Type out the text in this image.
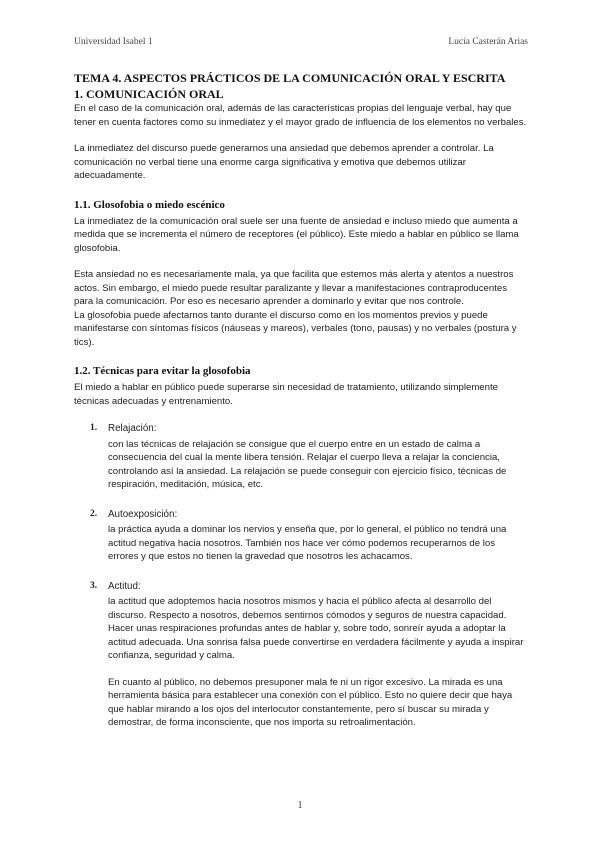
Universidad Isabel 1	Lucía Casterán Arias
TEMA 4. ASPECTOS PRÁCTICOS DE LA COMUNICACIÓN ORAL Y ESCRITA
1. COMUNICACIÓN ORAL

En el caso de la comunicación oral, además de las características propias del lenguaje verbal, hay que tener en cuenta factores como su inmediatez y el mayor grado de influencia de los elementos no verbales.

La inmediatez del discurso puede generarnos una ansiedad que debemos aprender a controlar. La comunicación no verbal tiene una enorme carga significativa y emotiva que debemos utilizar adecuadamente.

1.1. Glosofobia o miedo escénico

La inmediatez de la comunicación oral suele ser una fuente de ansiedad e incluso miedo que aumenta a medida que se incrementa el número de receptores (el público). Este miedo a hablar en público se llama glosofobia.

Esta ansiedad no es necesariamente mala, ya que facilita que estemos más alerta y atentos a nuestros actos. Sin embargo, el miedo puede resultar paralizante y llevar a manifestaciones contraproducentes para la comunicación. Por eso es necesario aprender a dominarlo y evitar que nos controle.

La glosofobia puede afectarnos tanto durante el discurso como en los momentos previos y puede manifestarse con síntomas físicos (náuseas y mareos), verbales (tono, pausas) y no verbales (postura y tics).

1.2. Técnicas para evitar la glosofobia

El miedo a hablar en público puede superarse sin necesidad de tratamiento, utilizando simplemente técnicas adecuadas y entrenamiento.

1. Relajación:

con las técnicas de relajación se consigue que el cuerpo entre en un estado de calma a consecuencia del cual la mente libera tensión. Relajar el cuerpo lleva a relajar la conciencia, controlando así la ansiedad. La relajación se puede conseguir con ejercicio físico, técnicas de respiración, meditación, música, etc.

2. Autoexposición:

la práctica ayuda a dominar los nervios y enseña que, por lo general, el público no tendrá una actitud negativa hacia nosotros. También nos hace ver cómo podemos recuperarnos de los errores y que estos no tienen la gravedad que nosotros les achacamos.

3. Actitud:

la actitud que adoptemos hacia nosotros mismos y hacia el público afecta al desarrollo del discurso. Respecto a nosotros, debemos sentirnos cómodos y seguros de nuestra capacidad. Hacer unas respiraciones profundas antes de hablar y, sobre todo, sonreír ayuda a adoptar la actitud adecuada. Una sonrisa falsa puede convertirse en verdadera fácilmente y ayuda a inspirar confianza, seguridad y calma.

En cuanto al público, no debemos presuponer mala fe ni un rigor excesivo. La mirada es una herramienta básica para establecer una conexión con el público. Esto no quiere decir que haya que hablar mirando a los ojos del interlocutor constantemente, pero sí buscar su mirada y demostrar, de forma inconsciente, que nos importa su retroalimentación.

1
